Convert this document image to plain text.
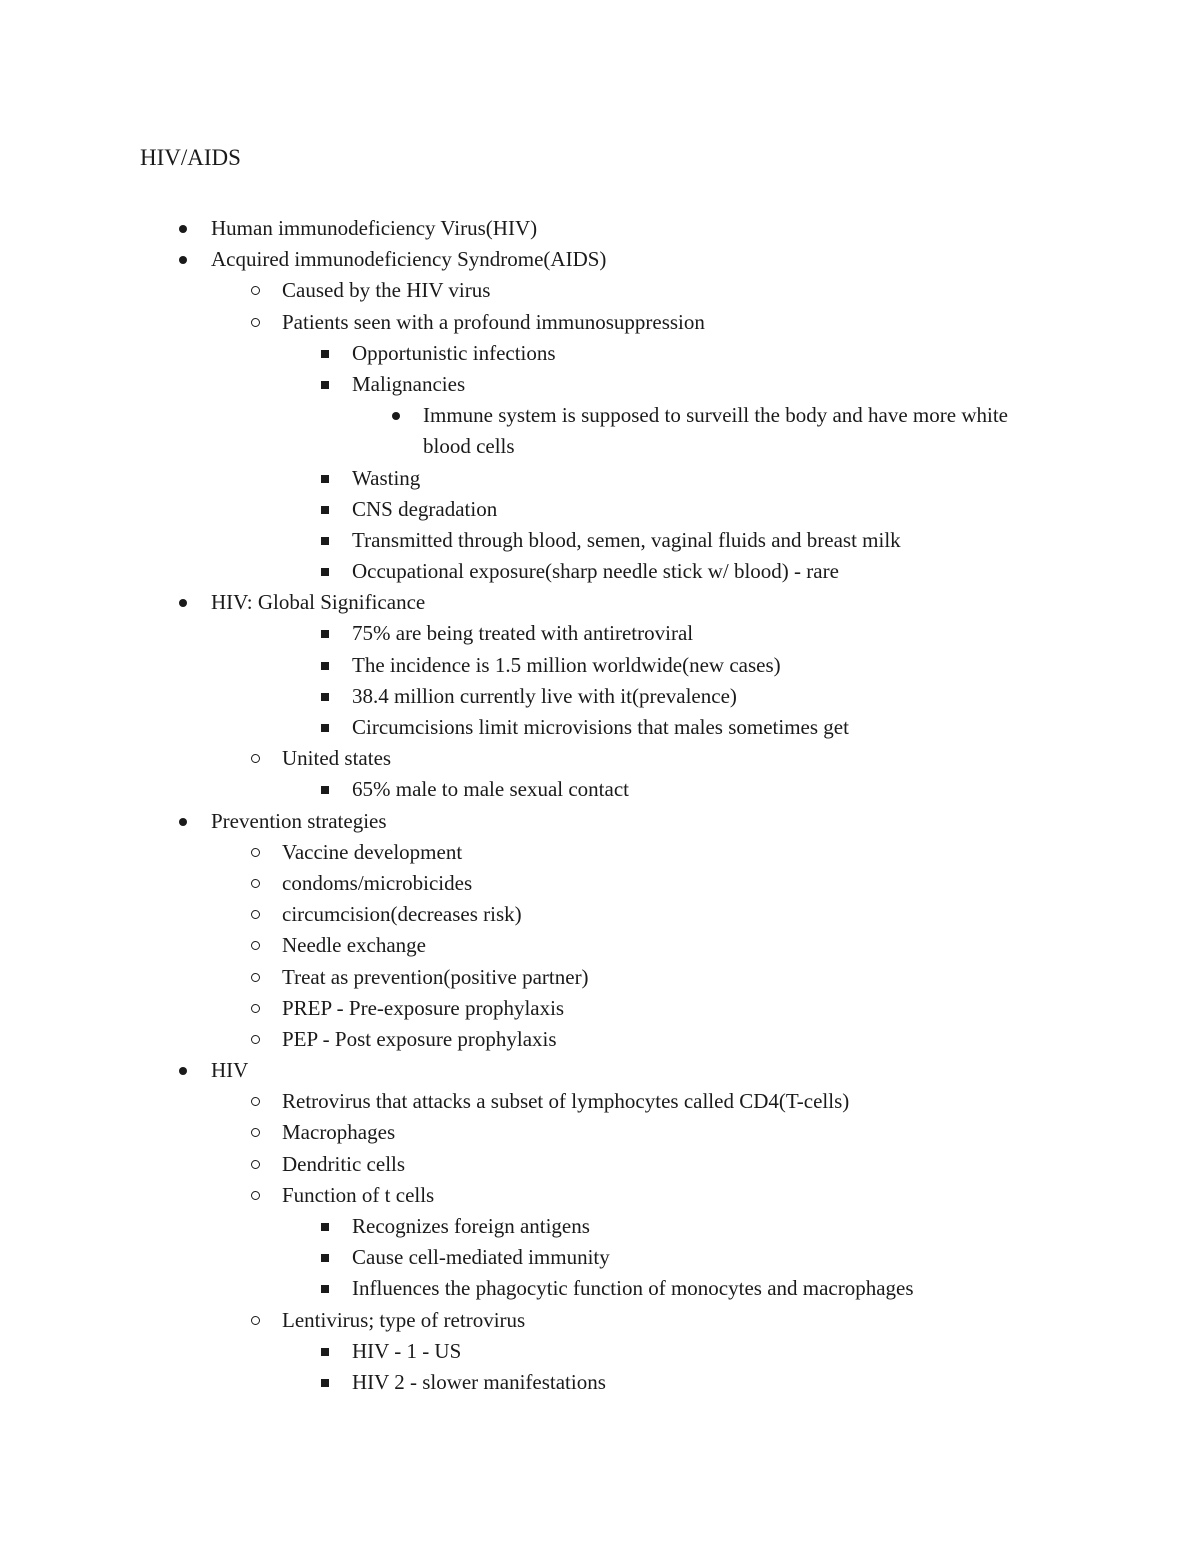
HIV/AIDS
Human immunodeficiency Virus(HIV)
Acquired immunodeficiency Syndrome(AIDS)
Caused by the HIV virus
Patients seen with a profound immunosuppression
Opportunistic infections
Malignancies
Immune system is supposed to surveill the body and have more white blood cells
Wasting
CNS degradation
Transmitted through blood, semen, vaginal fluids and breast milk
Occupational exposure(sharp needle stick w/ blood) - rare
HIV: Global Significance
75% are being treated with antiretroviral
The incidence is 1.5 million worldwide(new cases)
38.4 million currently live with it(prevalence)
Circumcisions limit microvisions that males sometimes get
United states
65% male to male sexual contact
Prevention strategies
Vaccine development
condoms/microbicides
circumcision(decreases risk)
Needle exchange
Treat as prevention(positive partner)
PREP - Pre-exposure prophylaxis
PEP - Post exposure prophylaxis
HIV
Retrovirus that attacks a subset of lymphocytes called CD4(T-cells)
Macrophages
Dendritic cells
Function of t cells
Recognizes foreign antigens
Cause cell-mediated immunity
Influences the phagocytic function of monocytes and macrophages
Lentivirus; type of retrovirus
HIV - 1 - US
HIV 2 - slower manifestations
